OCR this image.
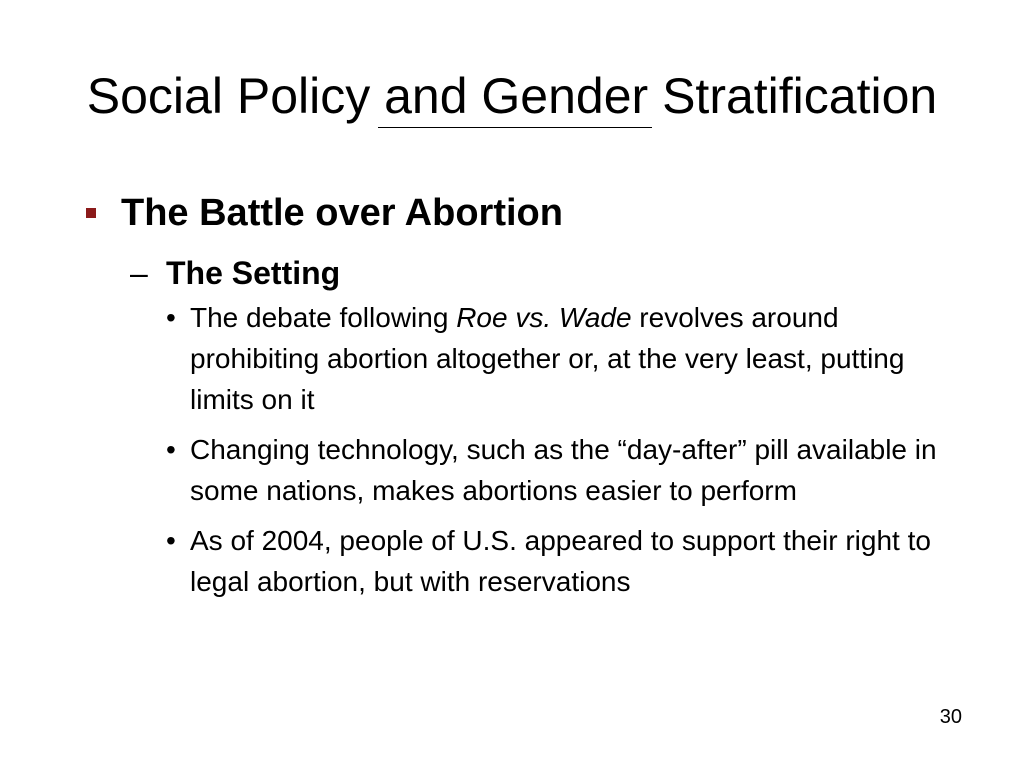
Social Policy and Gender Stratification
The Battle over Abortion
– The Setting
• The debate following Roe vs. Wade revolves around prohibiting abortion altogether or, at the very least, putting limits on it
• Changing technology, such as the “day-after” pill available in some nations, makes abortions easier to perform
• As of 2004, people of U.S. appeared to support their right to legal abortion, but with reservations
30
